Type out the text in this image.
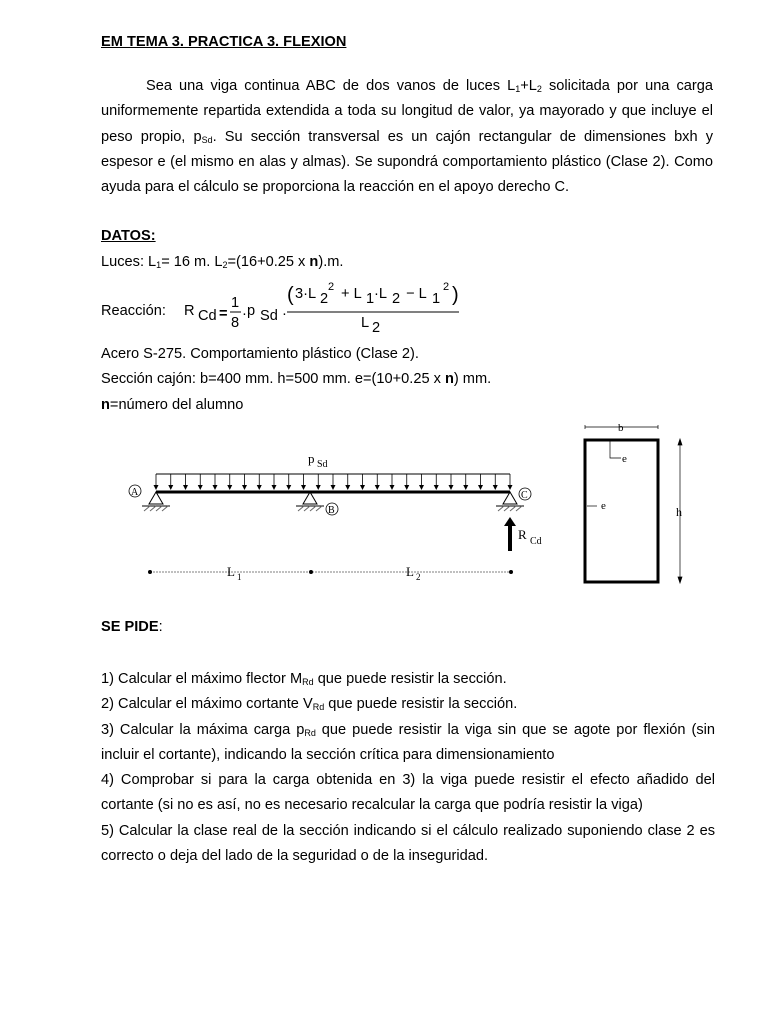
EM TEMA 3. PRACTICA 3. FLEXION
Sea una viga continua ABC de dos vanos de luces $L_1+L_2$ solicitada por una carga uniformemente repartida extendida a toda su longitud de valor, ya mayorado y que incluye el peso propio, $p_{Sd}$. Su sección transversal es un cajón rectangular de dimensiones bxh y espesor e (el mismo en alas y almas). Se supondrá comportamiento plástico (Clase 2). Como ayuda para el cálculo se proporciona la reacción en el apoyo derecho C.
DATOS:
Luces: $L_1= 16$ m. $L_2=(16+0.25$ x n).m.
Reacción: R Cd =
1
8
· p Sd ·
( 3·L 2
2 + L 1 ·L 2 − L 1
2 )
L 2
Acero S-275. Comportamiento plástico (Clase 2).
Sección cajón: b=400 mm. h=500 mm. e=(10+0.25 x n) mm.
n=número del alumno
p Sd
A
B
C
R Cd
L 1	L 2
b
e
e	h
SE PIDE:

1) Calcular el máximo flector $M_{Rd}$ que puede resistir la sección.

2) Calcular el máximo cortante $V_{Rd}$ que puede resistir la sección.

3) Calcular la máxima carga $p_{Rd}$ que puede resistir la viga sin que se agote por flexión (sin incluir el cortante), indicando la sección crítica para dimensionamiento

4) Comprobar si para la carga obtenida en 3) la viga puede resistir el efecto añadido del cortante (si no es así, no es necesario recalcular la carga que podría resistir la viga)

5) Calcular la clase real de la sección indicando si el cálculo realizado suponiendo clase 2 es correcto o deja del lado de la seguridad o de la inseguridad.
